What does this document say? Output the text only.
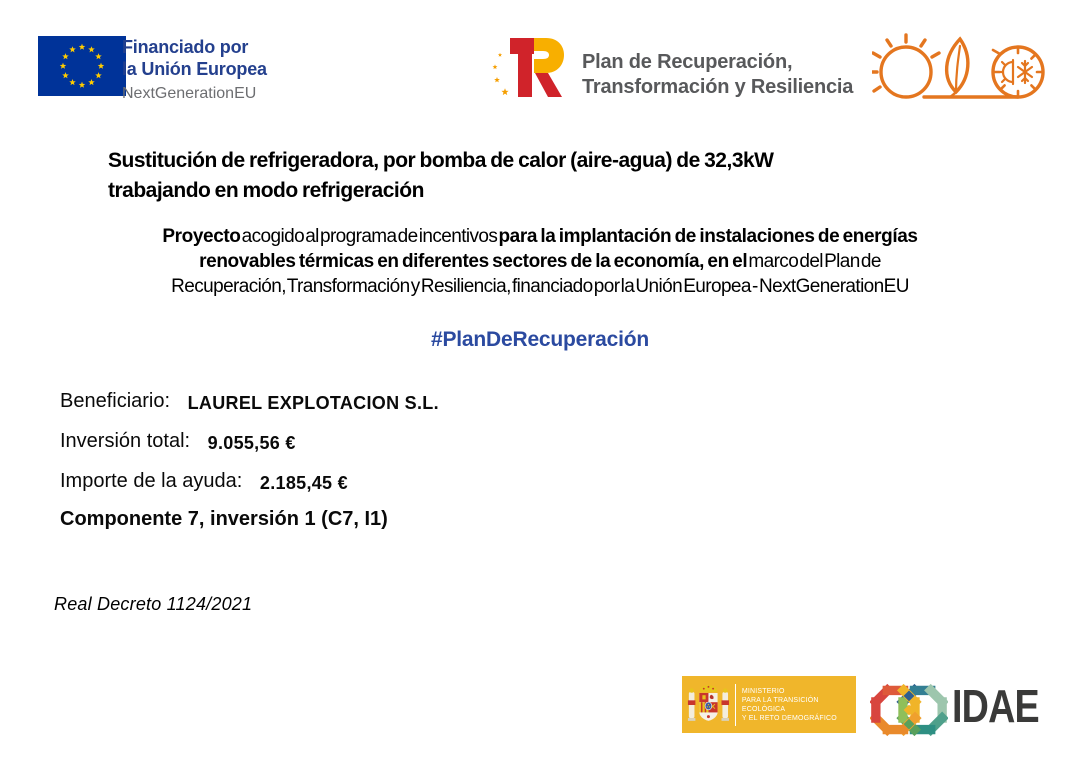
Financiado por
la Unión Europea
NextGenerationEU
Plan de Recuperación,
Transformación y Resiliencia
Sustitución de refrigeradora, por bomba de calor (aire-agua) de 32,3kW
trabajando en modo refrigeración
Proyecto acogido al programa de incentivos para la implantación de instalaciones de energías
renovables térmicas en diferentes sectores de la economía, en el marco del Plan de
Recuperación, Transformación y Resiliencia, financiado por la Unión Europea - NextGenerationEU
#PlanDeRecuperación
Beneficiario: LAUREL EXPLOTACION S.L.
Inversión total: 9.055,56 €
Importe de la ayuda: 2.185,45 €
Componente 7, inversión 1 (C7, I1)
Real Decreto 1124/2021
MINISTERIO
PARA LA TRANSICIÓN ECOLÓGICA
Y EL RETO DEMOGRÁFICO	IDAE
